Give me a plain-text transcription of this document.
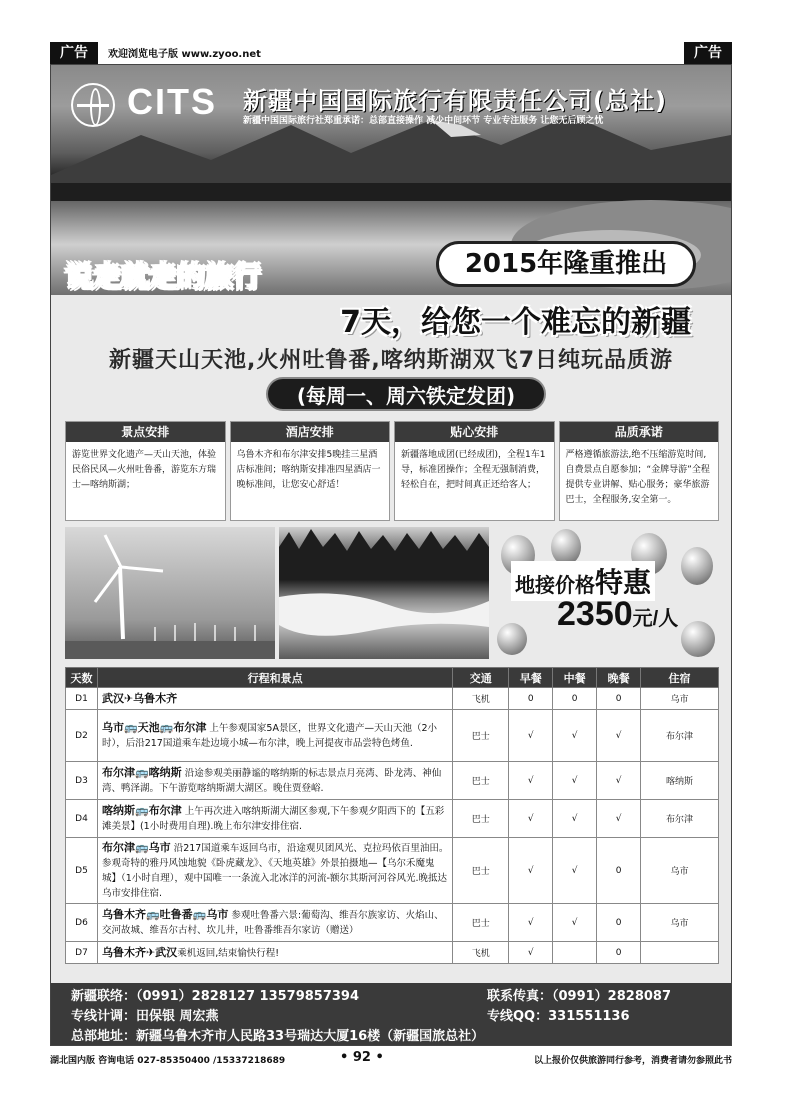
广告	欢迎浏览电子版 www.zyoo.net	广告
CITS 新疆中国国际旅行有限责任公司(总社)
新疆中国国际旅行社郑重承诺：总部直接操作 减少中间环节 专业专注服务 让您无后顾之忧
说走就走的旅行	2015年隆重推出
7天，给您一个难忘的新疆
新疆天山天池,火州吐鲁番,喀纳斯湖双飞7日纯玩品质游
(每周一、周六铁定发团)
景点安排
游览世界文化遗产—天山天池，体验民俗民风—火州吐鲁番，游览东方瑞士—喀纳斯湖；
酒店安排
乌鲁木齐和布尔津安排5晚挂三星酒店标准间；喀纳斯安排准四星酒店一晚标准间，让您安心舒适！
贴心安排
新疆落地成团(已经成团)，全程1车1导，标准团操作；全程无强制消费，轻松自在，把时间真正还给客人；
品质承诺
严格遵循旅游法,绝不压缩游览时间,自费景点自愿参加；“金牌导游”全程提供专业讲解、贴心服务；豪华旅游巴士，全程服务,安全第一。
地接价格特惠
2350元/人
天数	行程和景点	交通	早餐	中餐	晚餐	住宿
D1	武汉✈乌鲁木齐	飞机	0	0	0	乌市
D2	乌市🚌天池🚌布尔津 上午参观国家5A景区，世界文化遗产—天山天池（2小时），后沿217国道乘车赴边境小城—布尔津，晚上河提夜市品尝特色烤鱼.	巴士	√	√	√	布尔津
D3	布尔津🚌喀纳斯 沿途参观美丽静谧的喀纳斯的标志景点月亮湾、卧龙湾、神仙湾、鸭泽湖。下午游览喀纳斯湖大湖区。晚住贾登峪.	巴士	√	√	√	喀纳斯
D4	喀纳斯🚌布尔津 上午再次进入喀纳斯湖大湖区参观,下午参观夕阳西下的【五彩滩美景】(1小时费用自理).晚上布尔津安排住宿.	巴士	√	√	√	布尔津
D5	布尔津🚌乌市 沿217国道乘车返回乌市，沿途观贝团风光、克拉玛依百里油田。参观奇特的雅丹风蚀地貌《卧虎藏龙》、《天地英雄》外景拍摄地—【乌尔禾魔鬼城】（1小时自理），观中国唯一一条流入北冰洋的河流-额尔其斯河河谷风光.晚抵达乌市安排住宿.	巴士	√	√	0	乌市
D6	乌鲁木齐🚌吐鲁番🚌乌市 参观吐鲁番六景:葡萄沟、维吾尔族家访、火焰山、交河故城、维吾尔古村、坎儿井，吐鲁番维吾尔家访（赠送）	巴士	√	√	0	乌市
D7	乌鲁木齐✈武汉乘机返回,结束愉快行程!	飞机	√		0	
新疆联络：（0991）2828127 13579857394	联系传真：（0991）2828087
专线计调：田保银 周宏燕	专线QQ：331551136
总部地址：新疆乌鲁木齐市人民路33号瑞达大厦16楼（新疆国旅总社）
湖北国内版 咨询电话 027-85350400 /15337218689	• 92 •	以上报价仅供旅游同行参考，消费者请勿参照此书
